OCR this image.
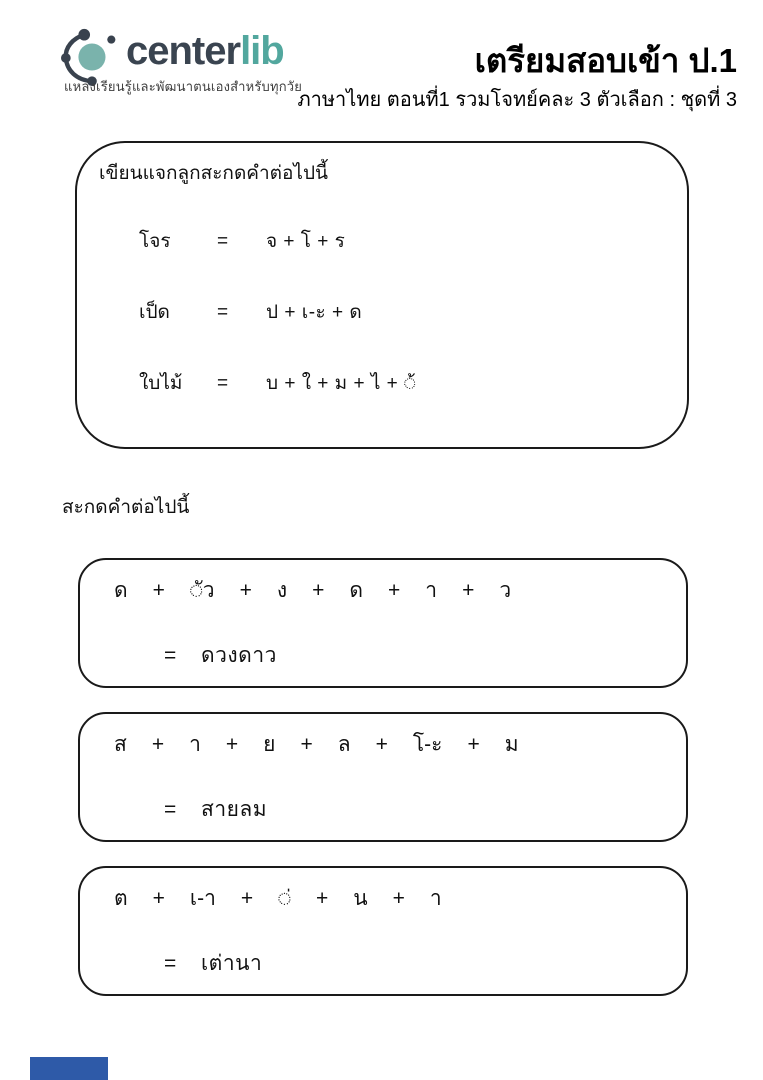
centerlib
แหล่งเรียนรู้และพัฒนาตนเองสำหรับทุกวัย
เตรียมสอบเข้า ป.1
ภาษาไทย ตอนที่1 รวมโจทย์คละ 3 ตัวเลือก : ชุดที่ 3
เขียนแจกลูกสะกดคำต่อไปนี้
โจร	=	จ + โ + ร
เป็ด	=	ป + เ-ะ + ด
ใบไม้	=	บ + ใ + ม + ไ + ◌้
สะกดคำต่อไปนี้
ด + ◌ัว + ง + ด + า + ว
=	ดวงดาว
ส + า + ย + ล + โ-ะ + ม
=	สายลม
ต + เ-า + ◌่ + น + า
=	เต่านา
